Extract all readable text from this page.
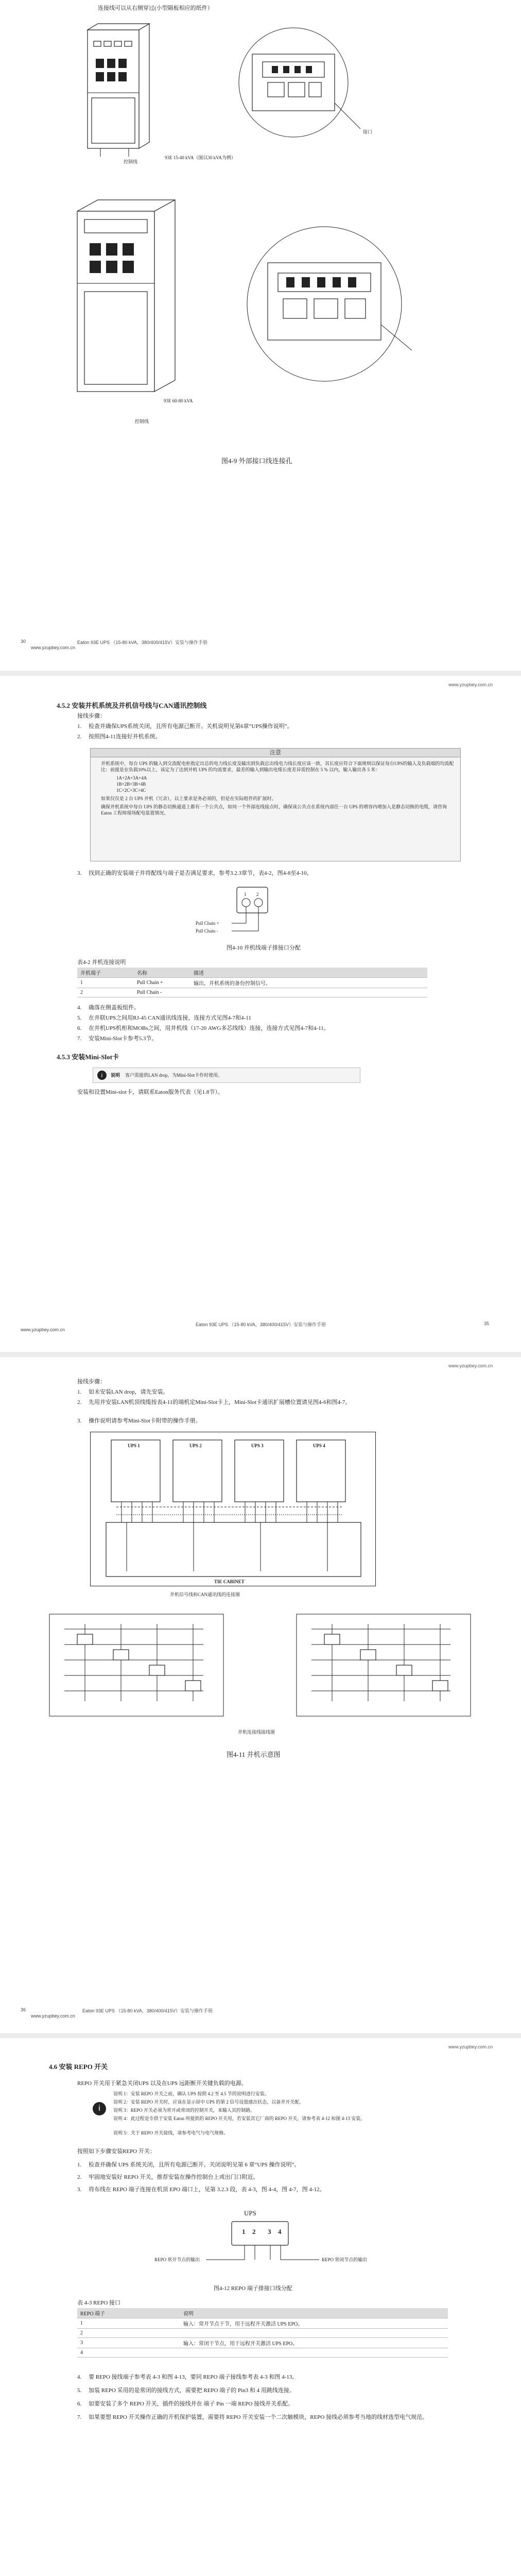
连接线可以从右侧穿过(小型隔板相应的纸件）
控制线
接口
93E 15-40 kVA（图以30 kVA为例）
93E 60-80 kVA
控制线
图4-9 外部接口线连接孔
30	Eaton 93E UPS （15-80 kVA，380/400/415V）安装与操作手册
www.yzupbey.com.cn
www.yzupbey.com.cn
4.5.2 安装并机系统及并机信号线与CAN通讯控制线
接线步骤：
1. 检查并确保UPS系统关闭，且所有电源已断开。关机说明见第6章“UPS操作说明”。
2. 按照图4-11连接好并机系统。
注意
并机系统中，每台 UPS 的输入到交流配电柜指定出总的电力线长度及输出到负载总出线电力线长度应该一致，其长度应符合下面规则以保证每台UPS的输入及负载端的均流配比：前提是在负载10%以上，该定为了达到并机 UPS 的均流要求，最差的输入到输出电缆长度差异需控制在 5 % 以内，输入输出各 5 米：
1A+2A+3A+4A
1B+2B+3B+4B
1C+2C+3C+4C
如果仅仅是 2 台 UPS 并机（冗余），以上要求是务必须的，但是在实际组件的扩展时。
确保并机系统中每台 UPS 的静态切换通道上都有一个公共点，如同一个外部连线接点时，确保该公共点在系统内部任一台 UPS 的增容内增加入是静态切换的电缆，请咨询 Eaton 工程师现场配电装置情况。
3. 找到正确的安装端子并将配线与端子是否满足要求，参考3.2.3章节，表4-2，图4-8至4-10。
1 2
Pull Chain +
Pull Chain -
图4-10 并机线端子排接口分配
表4-2 并机连接说明
并机端子	名称	描述
1	Pull Chain +	输出，并机系统的备份控制信号。
2	Pull Chain -	
4. 确落在侧盖板组件。
5. 在并联UPS之间用RJ-45 CAN通讯线连接，连接方式见图4-7和4-11
6. 在并机UPS机柜和MOBs之间，用并机线（17-20 AWG多芯线线）连接，连接方式见图4-7和4-11。
7. 安装Mini-Slot卡参考5.3节。
4.5.3 安装Mini-Slot卡
i	说明 客户需提供LAN drop，为Mini-Slot卡作时使用。
安装和设置Mini-slot卡，请联系Eaton服务代表（见1.8节）。
Eaton 93E UPS （15-80 kVA，380/400/415V）安装与操作手册	35
www.yzupbey.com.cn
www.yzupbey.com.cn
接线步骤：
1. 如未安装LAN drop，请先安装。
2. 先用并安装LAN机顶线缆按表4-11的端机定Mini-Slot卡上，Mini-Slot卡通讯扩展槽位置请见图4-6和图4-7。
3. 操作说明请参考Mini-Slot卡附带的操作手册。
UPS 1	UPS 2	UPS 3	UPS 4
TIE CABINET
并机信号线和CAN通讯线的连接图
并机连接线接线图
图4-11 并机示意图
36	Eaton 93E UPS （15-80 kVA，380/400/415V）安装与操作手册
www.yzupbey.com.cn
www.yzupbey.com.cn
4.6 安装 REPO 开关
REPO 开关用于紧急关闭UPS 以及在UPS 远距断开关键负载的电源。
i
说明 1：安装 REPO 开关之前，确认 UPS 按照 4.2 至 4.5 节的说明进行安装。
说明 2：安装 REPO 开关时，应该在显示屏中 UPS 的第 2 信号设置感出状态，以备并开关配。
说明 3：REPO 开关必须为常开或常闭的控制开关，来输入其控制路。
说明 4：此过程是专供于安装 Eaton 所提供的 REPO 开关用，若安装其它厂商的 REPO 开关，请参考表 4-12 和图 4-13 安装。
说明 5：关于 REPO 开关接线，请参考电气与电气规格。
按照如下步骤安装REPO 开关：
1. 检查并确保 UPS 系统关闭，且所有电源已断开。关闭说明见第 6 章“UPS 操作说明”。
2. 牢固地安装好 REPO 开关，推荐安装在操作控制台上或出门口附近。
3. 将布线在 REPO 端子连接在机顶 EPO 端口上，见第 3.2.3 段，表 4-3，图 4-4，图 4-7，图 4-12。
UPS
1 2 3 4
REPO 常开节点的输出	REPO 常闭节点的输出
图4-12 REPO 端子排接口线分配
表 4-3 REPO 接口
REPO 端子	说明
1	输入：常开节点干节，用于远程开关激活 UPS EPO。
2	
3	输入：常闭干节点，用于远程开关激活 UPS EPO。
4	
4. 要 REPO 接线端子参考表 4-3 和图 4-13，要同 REPO 端子接线参考表 4-3 和图 4-13。
5. 加装 REPO 采用的是常闭的接线方式，需要把 REPO 端子的 Pin3 和 4 用跳线连接。
6. 如要安装了多个 REPO 开关，插件的接线并在 端子 Pin 一端 REPO 接线并关系配。
7. 如果要想 REPO 开关操作正确的开机保护装置，需要将 REPO 开关安装一个二次触模块，REPO 接线必须参考当地的线材选型电气规范。
